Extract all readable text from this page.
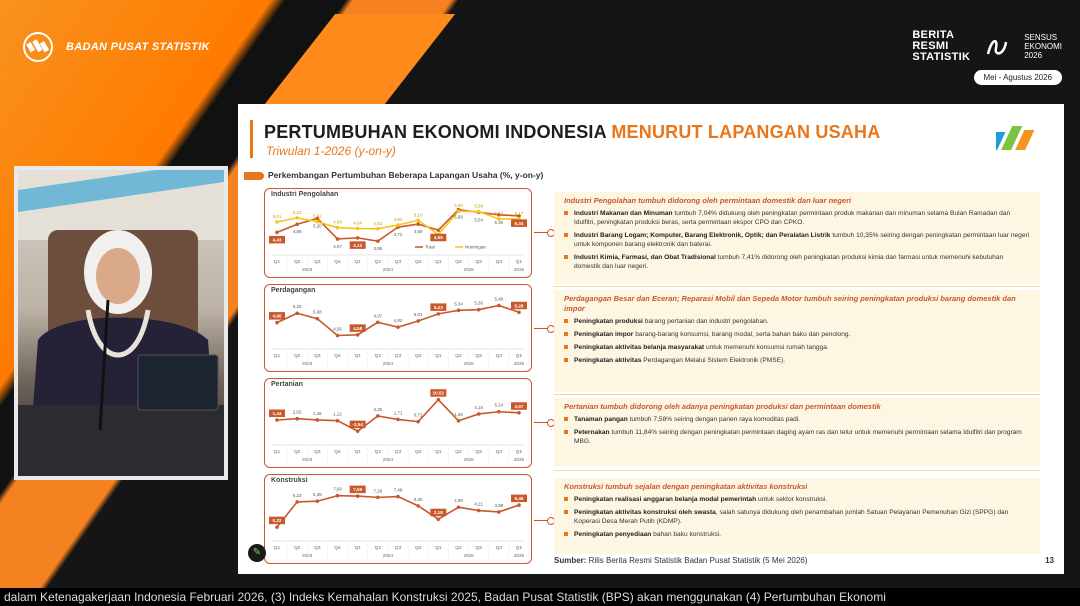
BADAN PUSAT STATISTIK
BERITA
RESMI
STATISTIK
SENSUS
EKONOMI
2026
Mei - Agustus 2026
PERTUMBUHAN EKONOMI INDONESIA MENURUT LAPANGAN USAHA
Triwulan 1-2026 (y-on-y)
Perkembangan Pertumbuhan Beberapa Lapangan Usaha (%, y-on-y)
Industri Pengolahan
Q1	Q2	Q3	Q4	Q1	Q2	Q3	Q4	Q1	Q2	Q3	Q4	Q1
2023	2024	2025	2026
4,43
4,88
5,20
4,07 4,13
3,95
4,72
4,89
4,55
5,68
5,54
5,40 5,34
5,01
5,23
5,02
4,69	4,64	4,63
4,84
5,10
4,31
5,60	5,58
5,17	5,17
Total	Nonmigas
Perdagangan
Q1	Q2	Q3	Q4	Q1	Q2	Q3	Q4	Q1	Q2	Q3	Q4	Q1
2023	2024	2025	2026
4,96
5,25
5,08
4,56 4,58
4,97
4,82
5,01
5,23
5,34	5,36
5,49
5,28
Pertanian
Q1	Q2	Q3	Q4	Q1	Q2	Q3	Q4	Q1	Q2	Q3	Q4	Q1
2023	2024	2025	2026
1,44	2,02	1,46	1,12
-3,54
3,25
1,71	0,72
10,52
1,06
4,15	5,14 4,67
Konstruksi
Q1	Q2	Q3	Q4	Q1	Q2	Q3	Q4	Q1	Q2	Q3	Q4	Q1
2023	2024	2025	2026
0,32
6,23	6,39
7,68 7,59	7,29	7,48
5,30
2,18
4,98
4,21	3,88
5,49
Industri Pengolahan tumbuh didorong oleh permintaan domestik dan luar negeri
Industri Makanan dan Minuman tumbuh 7,04% didukung oleh peningkatan permintaan produk makanan dan minuman selama Bulan Ramadan dan Idulfitri, peningkatan produksi beras, serta permintaan ekspor CPO dan CPKO.
Industri Barang Logam; Komputer, Barang Elektronik, Optik; dan Peralatan Listrik tumbuh 10,35% seiring dengan peningkatan permintaan luar negeri untuk komponen barang elektronik dan baterai.
Industri Kimia, Farmasi, dan Obat Tradisional tumbuh 7,41% didorong oleh peningkatan produksi kimia dan farmasi untuk memenuhi kebutuhan domestik dan luar negeri.
Perdagangan Besar dan Eceran; Reparasi Mobil dan Sepeda Motor tumbuh seiring peningkatan produksi barang domestik dan impor
Peningkatan produksi barang pertanian dan industri pengolahan.
Peningkatan impor barang-barang konsumsi, barang modal, serta bahan baku dan penolong.
Peningkatan aktivitas belanja masyarakat untuk memenuhi konsumsi rumah tangga.
Peningkatan aktivitas Perdagangan Melalui Sistem Elektronik (PMSE).
Pertanian tumbuh didorong oleh adanya peningkatan produksi dan permintaan domestik
Tanaman pangan tumbuh 7,58% seiring dengan panen raya komoditas padi.
Peternakan tumbuh 11,84% seiring dengan peningkatan permintaan daging ayam ras dan telur untuk memenuhi permintaan selama Idulfitri dan program MBG.
Konstruksi tumbuh sejalan dengan peningkatan aktivitas konstruksi
Peningkatan realisasi anggaran belanja modal pemerintah untuk sektor konstruksi.
Peningkatan aktivitas konstruksi oleh swasta, salah satunya didukung oleh penambahan jumlah Satuan Pelayanan Pemenuhan Gizi (SPPG) dan Koperasi Desa Merah Putih (KDMP).
Peningkatan penyediaan bahan baku konstruksi.
Sumber: Rilis Berita Resmi Statistik Badan Pusat Statistik (5 Mei 2026)	13
✎
dalam Ketenagakerjaan Indonesia Februari 2026, (3) Indeks Kemahalan Konstruksi 2025, Badan Pusat Statistik (BPS) akan menggunakan (4) Pertumbuhan Ekonomi
